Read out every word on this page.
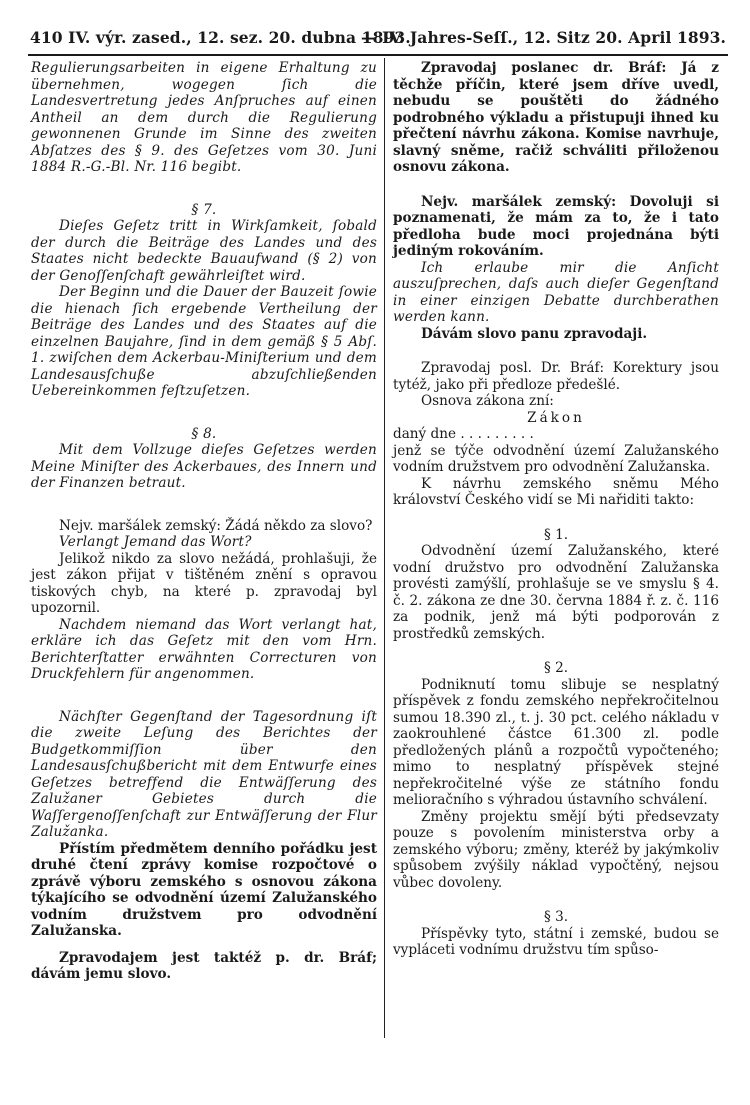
410 IV. výr. zased., 12. sez. 20. dubna 1893.
— IV. Jahres-Seſſ., 12. Sitz 20. April 1893.

Regulierungsarbeiten in eigene Erhaltung zu übernehmen, wogegen ſich die Landesvertretung jedes Anſpruches auf einen Antheil an dem durch die Regulierung gewonnenen Grunde im Sinne des zweiten Abſatzes des § 9. des Geſetzes vom 30. Juni 1884 R.-G.-Bl. Nr. 116 begibt.

§ 7.

Dieſes Geſetz tritt in Wirkſamkeit, ſobald der durch die Beiträge des Landes und des Staates nicht bedeckte Bauaufwand (§ 2) von der Genoſſenſchaft gewährleiſtet wird.

Der Beginn und die Dauer der Bauzeit ſowie die hienach ſich ergebende Vertheilung der Beiträge des Landes und des Staates auf die einzelnen Baujahre, ſind in dem gemäß § 5 Abſ. 1. zwiſchen dem Ackerbau-Miniſterium und dem Landesausſchuße abzuſchließenden Uebereinkommen feſtzuſetzen.

§ 8.

Mit dem Vollzuge dieſes Geſetzes werden Meine Miniſter des Ackerbaues, des Innern und der Finanzen betraut.

Nejv. maršálek zemský: Žádá někdo za slovo?

Verlangt Jemand das Wort?

Jelikož nikdo za slovo nežádá, prohlašuji, že jest zákon přijat v tištěném znění s opravou tiskových chyb, na které p. zpravodaj byl upozornil.

Nachdem niemand das Wort verlangt hat, erkläre ich das Geſetz mit den vom Hrn. Berichterſtatter erwähnten Correcturen von Druckfehlern für angenommen.

Nächſter Gegenſtand der Tagesordnung iſt die zweite Leſung des Berichtes der Budgetkommiſſion über den Landesausſchußbericht mit dem Entwurfe eines Geſetzes betreffend die Entwäſſerung des Zalužaner Gebietes durch die Waſſergenoſſenſchaft zur Entwäſſerung der Flur Zalužanka.

Přístím předmětem denního pořádku jest druhé čtení zprávy komise rozpočtové o zprávě výboru zemského s osnovou zákona týkajícího se odvodnění území Zalužanského vodním družstvem pro odvodnění Zalužanska.

Zpravodajem jest taktéž p. dr. Bráf; dávám jemu slovo.

Zpravodaj poslanec dr. Bráf: Já z těchže příčin, které jsem dříve uvedl, nebudu se pouštěti do žádného podrobného výkladu a přistupuji ihned ku přečtení návrhu zákona. Komise navrhuje, slavný sněme, račiž schváliti přiloženou osnovu zákona.

Nejv. maršálek zemský: Dovoluji si poznamenati, že mám za to, že i tato předloha bude moci projednána býti jediným rokováním.

Ich erlaube mir die Anſicht auszuſprechen, daſs auch dieſer Gegenſtand in einer einzigen Debatte durchberathen werden kann.

Dávám slovo panu zpravodaji.

Zpravodaj posl. Dr. Bráf: Korektury jsou tytéž, jako při předloze předešlé.

Osnova zákona zní:

Zákon

daný dne . . . . . . . . .

jenž se týče odvodnění území Zalužanského vodním družstvem pro odvodnění Zalužanska.

K návrhu zemského sněmu Mého království Českého vidí se Mi nařiditi takto:

§ 1.

Odvodnění území Zalužanského, které vodní družstvo pro odvodnění Zalužanska provésti zamýšlí, prohlašuje se ve smyslu § 4. č. 2. zákona ze dne 30. června 1884 ř. z. č. 116 za podnik, jenž má býti podporován z prostředků zemských.

§ 2.

Podniknutí tomu slibuje se nesplatný příspěvek z fondu zemského nepřekročitelnou sumou 18.390 zl., t. j. 30 pct. celého nákladu v zaokrouhlené částce 61.300 zl. podle předložených plánů a rozpočtů vypočteného; mimo to nesplatný příspěvek stejné nepřekročitelné výše ze státního fondu melioračního s výhradou ústavního schválení.

Změny projektu smějí býti předsevzaty pouze s povolením ministerstva orby a zemského výboru; změny, kteréž by jakýmkoliv spůsobem zvýšily náklad vypočtěný, nejsou vůbec dovoleny.

§ 3.

Příspěvky tyto, státní i zemské, budou se vypláceti vodnímu družstvu tím spůso-
